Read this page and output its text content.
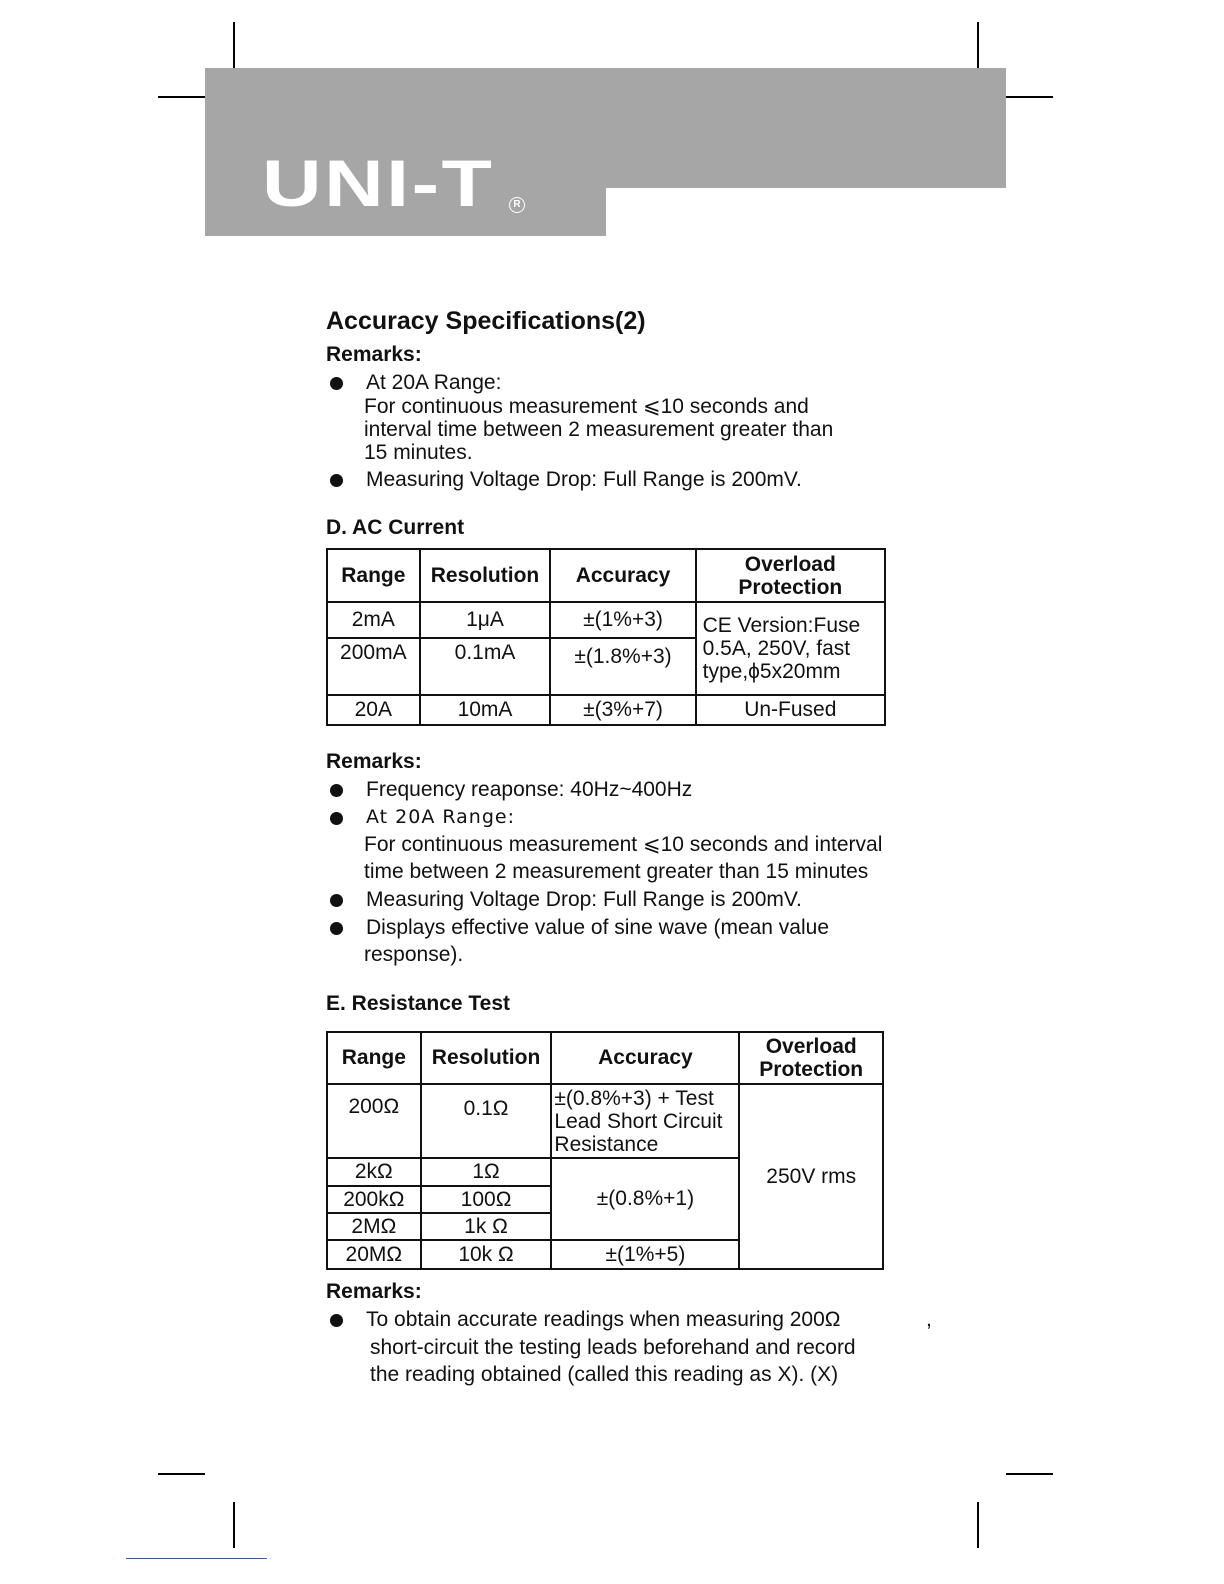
UNI-T	R
Accuracy Specifications(2)
Remarks:
At 20A Range:
For continuous measurement ⩽10 seconds and
interval time between 2 measurement greater than
15 minutes.
Measuring Voltage Drop: Full Range is 200mV.
D. AC Current
Range	Resolution	Accuracy	Overload Protection
2mA	1μA	±(1%+3)	CE Version:Fuse
0.5A, 250V, fast
type,ϕ5x20mm

200mA	0.1mA	±(1.8%+3)	
20A	10mA	±(3%+7)	Un-Fused
Remarks:
Frequency reaponse: 40Hz~400Hz
At 20A Range:
For continuous measurement ⩽10 seconds and interval
time between 2 measurement greater than 15 minutes
Measuring Voltage Drop: Full Range is 200mV.
Displays effective value of sine wave (mean value
response).
E. Resistance Test
Range	Resolution	Accuracy	Overload
Protection

200Ω	0.1Ω	±(0.8%+3) + Test
Lead Short Circuit
Resistance	250V rms
2kΩ	1Ω	±(0.8%+1)	
200kΩ	100Ω		
2MΩ	1k Ω		
20MΩ	10k Ω	±(1%+5)	
Remarks:
To obtain accurate readings when measuring 200Ω	,
short-circuit the testing leads beforehand and record
the reading obtained (called this reading as X). (X)
